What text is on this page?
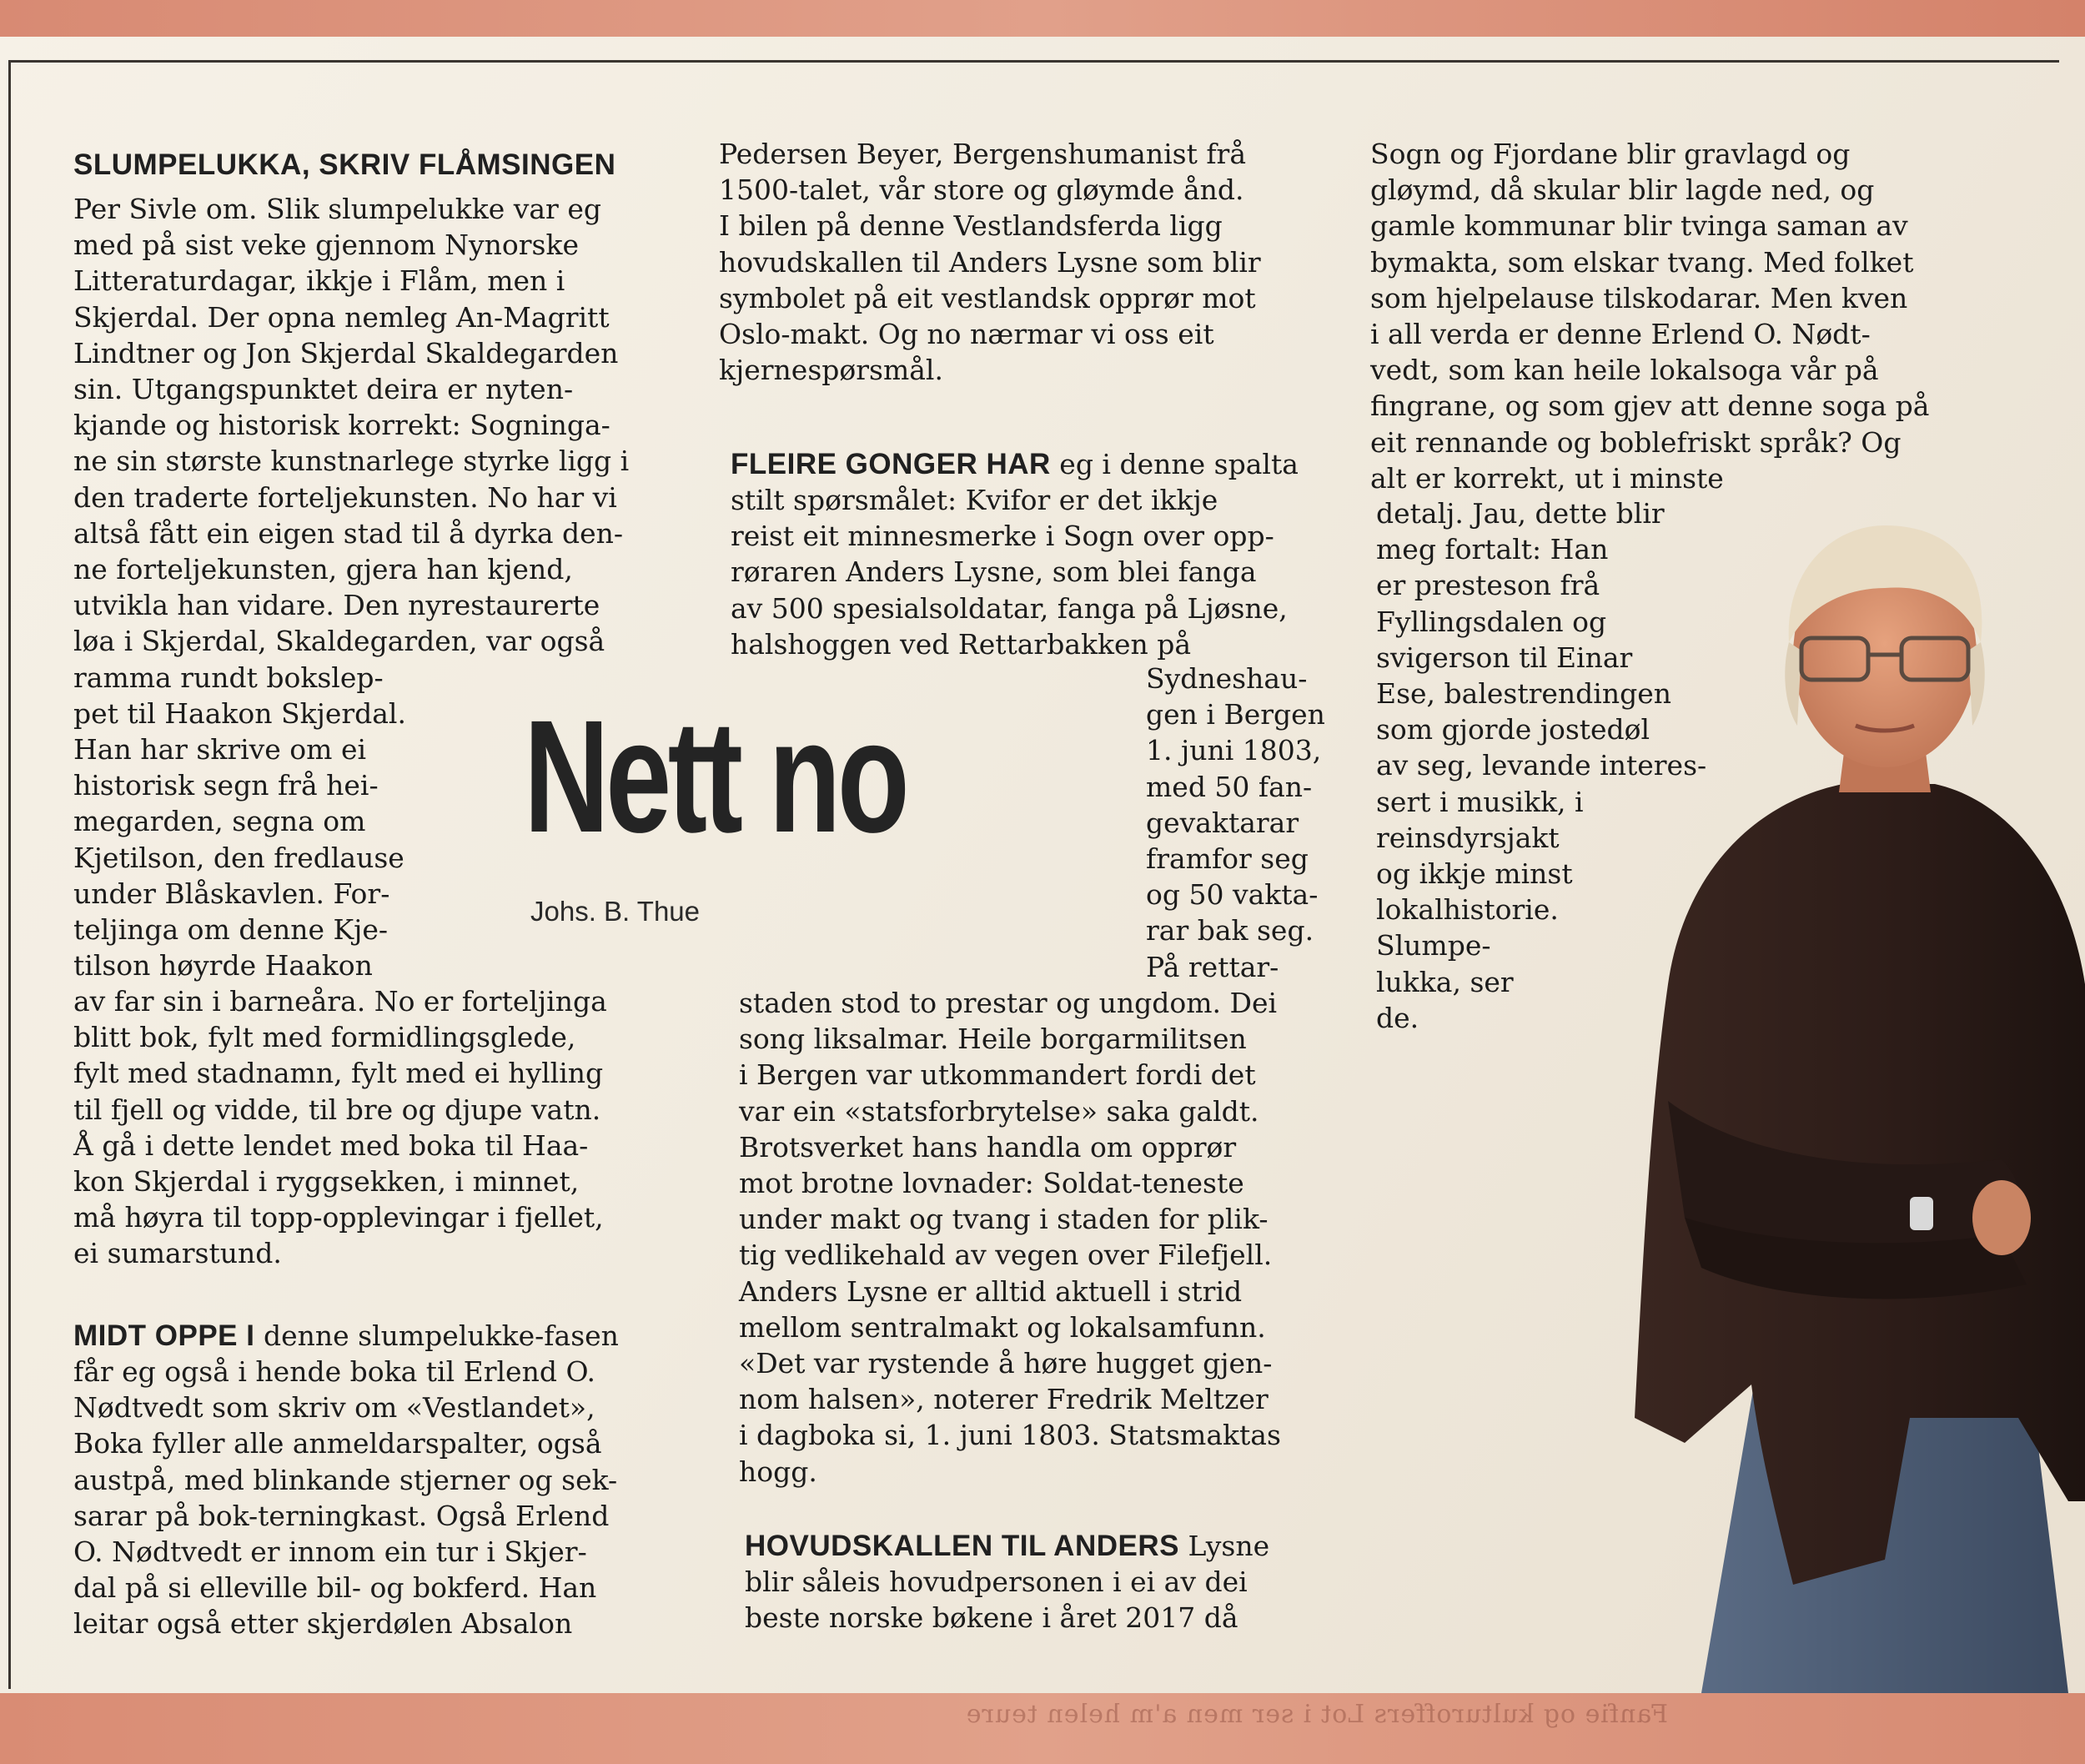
Fanfie og kulturoffers Lot i ser men a'm helen teure
SLUMPELUKKA, SKRIV FLÅMSINGEN

Per Sivle om. Slik slumpelukke var eg
med på sist veke gjennom Nynorske
Litteraturdagar, ikkje i Flåm, men i
Skjerdal. Der opna nemleg An-Magritt
Lindtner og Jon Skjerdal Skaldegarden
sin. Utgangspunktet deira er nyten-
kjande og historisk korrekt: Sogninga-
ne sin største kunstnarlege styrke ligg i
den traderte forteljekunsten. No har vi
altså fått ein eigen stad til å dyrka den-
ne forteljekunsten, gjera han kjend,
utvikla han vidare. Den nyrestaurerte
løa i Skjerdal, Skaldegarden, var også
ramma rundt bokslep-
pet til Haakon Skjerdal.

Han har skrive om ei
historisk segn frå hei-
megarden, segna om
Kjetilson, den fredlause
under Blåskavlen. For-
teljinga om denne Kje-
tilson høyrde Haakon

av far sin i barneåra. No er forteljinga
blitt bok, fylt med formidlingsglede,
fylt med stadnamn, fylt med ei hylling
til fjell og vidde, til bre og djupe vatn.
Å gå i dette lendet med boka til Haa-
kon Skjerdal i ryggsekken, i minnet,
må høyra til topp-opplevingar i fjellet,
ei sumarstund.

MIDT OPPE I denne slumpelukke-fasen

får eg også i hende boka til Erlend O.
Nødtvedt som skriv om «Vestlandet»,
Boka fyller alle anmeldarspalter, også
austpå, med blinkande stjerner og sek-
sarar på bok-terningkast. Også Erlend
O. Nødtvedt er innom ein tur i Skjer-
dal på si elleville bil- og bokferd. Han
leitar også etter skjerdølen Absalon

Pedersen Beyer, Bergenshumanist frå
1500-talet, vår store og gløymde ånd.
I bilen på denne Vestlandsferda ligg
hovudskallen til Anders Lysne som blir
symbolet på eit vestlandsk opprør mot
Oslo-makt. Og no nærmar vi oss eit
kjernespørsmål.

FLEIRE GONGER HAR eg i denne spalta

stilt spørsmålet: Kvifor er det ikkje
reist eit minnesmerke i Sogn over opp-
røraren Anders Lysne, som blei fanga
av 500 spesialsoldatar, fanga på Ljøsne,
halshoggen ved Rettarbakken på

Sydneshau-
gen i Bergen
1. juni 1803,
med 50 fan-
gevaktarar
framfor seg
og 50 vakta-
rar bak seg.
På rettar-

staden stod to prestar og ungdom. Dei
song liksalmar. Heile borgarmilitsen
i Bergen var utkommandert fordi det
var ein «statsforbrytelse» saka galdt.
Brotsverket hans handla om opprør
mot brotne lovnader: Soldat-teneste
under makt og tvang i staden for plik-
tig vedlikehald av vegen over Filefjell.
Anders Lysne er alltid aktuell i strid
mellom sentralmakt og lokalsamfunn.
«Det var rystende å høre hugget gjen-
nom halsen», noterer Fredrik Meltzer
i dagboka si, 1. juni 1803. Statsmaktas
hogg.

HOVUDSKALLEN TIL ANDERS Lysne

blir såleis hovudpersonen i ei av dei
beste norske bøkene i året 2017 då

Nett no
Johs. B. Thue

Sogn og Fjordane blir gravlagd og
gløymd, då skular blir lagde ned, og
gamle kommunar blir tvinga saman av
bymakta, som elskar tvang. Med folket
som hjelpelause tilskodarar. Men kven
i all verda er denne Erlend O. Nødt-
vedt, som kan heile lokalsoga vår på
fingrane, og som gjev att denne soga på
eit rennande og boblefriskt språk? Og
alt er korrekt, ut i minste

detalj. Jau, dette blir
meg fortalt: Han
er presteson frå
Fyllingsdalen og
svigerson til Einar
Ese, balestrendingen
som gjorde jostedøl
av seg, levande interes-
sert i musikk, i
reinsdyrsjakt
og ikkje minst
lokalhistorie.
Slumpe-
lukka, ser
de.
